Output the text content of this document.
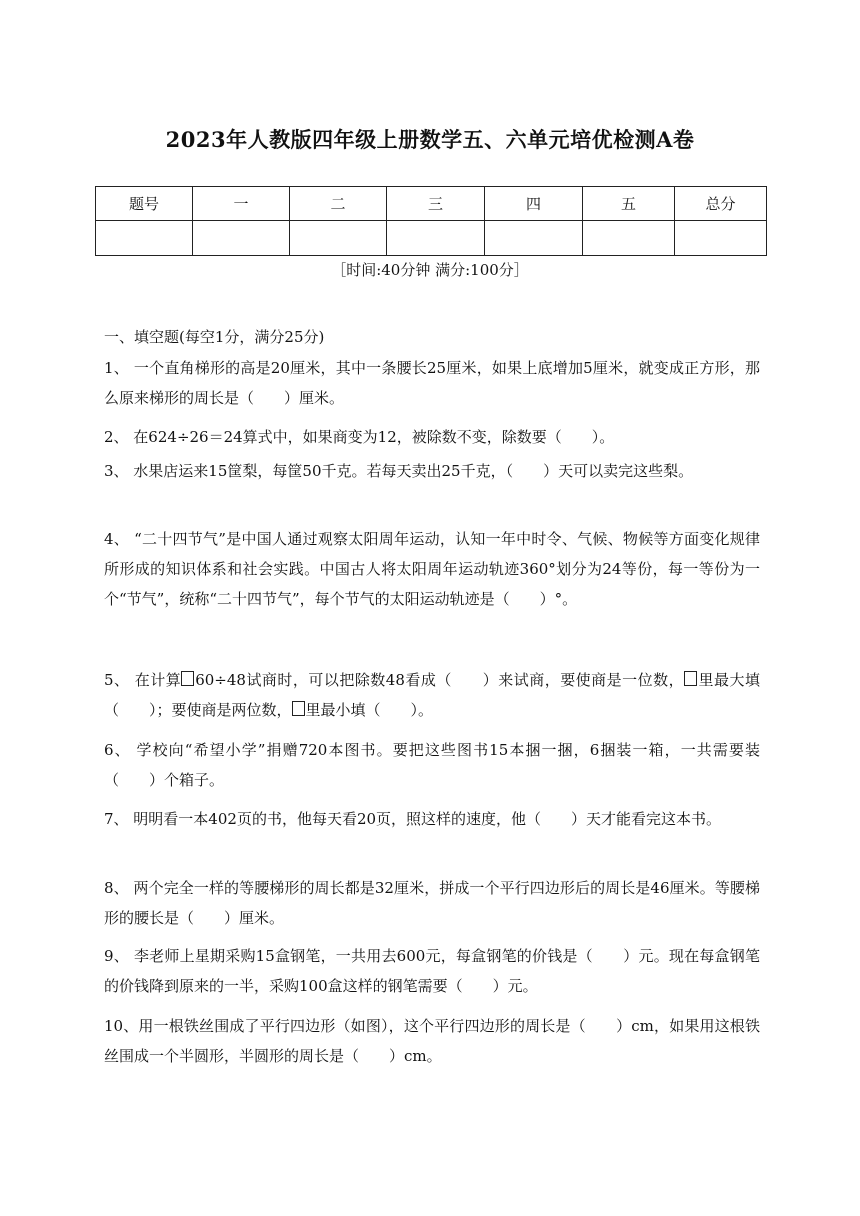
2023年人教版四年级上册数学五、六单元培优检测A卷
题号	一	二	三	四	五	总分

［时间:40分钟 满分:100分］
一、填空题(每空1分，满分25分)
1、 一个直角梯形的高是20厘米，其中一条腰长25厘米，如果上底增加5厘米，就变成正方形，那么原来梯形的周长是（　　）厘米。
2、 在624÷26＝24算式中，如果商变为12，被除数不变，除数要（　　）。
3、 水果店运来15筐梨，每筐50千克。若每天卖出25千克，（　　）天可以卖完这些梨。
4、 “二十四节气”是中国人通过观察太阳周年运动，认知一年中时令、气候、物候等方面变化规律所形成的知识体系和社会实践。中国古人将太阳周年运动轨迹360°划分为24等份，每一等份为一个“节气”，统称“二十四节气”，每个节气的太阳运动轨迹是（　　）°。
5、 在计算 60÷48试商时，可以把除数48看成（　　）来试商，要使商是一位数， 里最大填（　　）；要使商是两位数， 里最小填（　　）。
6、 学校向“希望小学”捐赠720本图书。要把这些图书15本捆一捆，6捆装一箱，一共需要装（　　）个箱子。
7、 明明看一本402页的书，他每天看20页，照这样的速度，他（　　）天才能看完这本书。
8、 两个完全一样的等腰梯形的周长都是32厘米，拼成一个平行四边形后的周长是46厘米。等腰梯形的腰长是（　　）厘米。
9、 李老师上星期采购15盒钢笔，一共用去600元，每盒钢笔的价钱是（　　）元。现在每盒钢笔的价钱降到原来的一半，采购100盒这样的钢笔需要（　　）元。
10、用一根铁丝围成了平行四边形（如图），这个平行四边形的周长是（　　）cm，如果用这根铁丝围成一个半圆形，半圆形的周长是（　　）cm。
